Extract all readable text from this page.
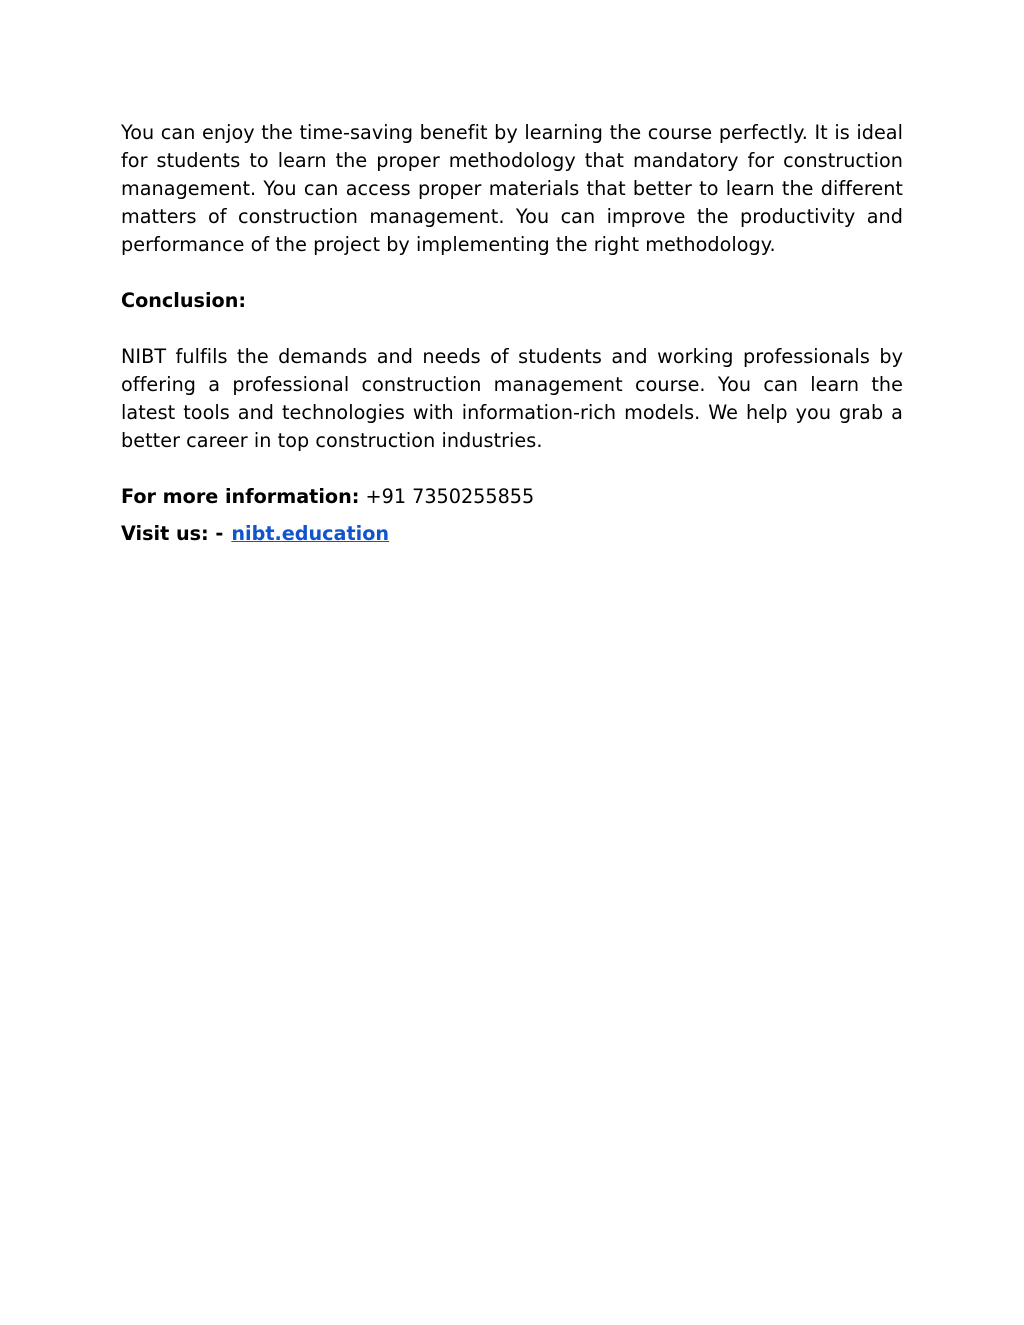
You can enjoy the time-saving benefit by learning the course perfectly. It is ideal for students to learn the proper methodology that mandatory for construction management. You can access proper materials that better to learn the different matters of construction management. You can improve the productivity and performance of the project by implementing the right methodology.

Conclusion:

NIBT fulfils the demands and needs of students and working professionals by offering a professional construction management course. You can learn the latest tools and technologies with information-rich models. We help you grab a better career in top construction industries.

For more information: +91 7350255855

Visit us: - nibt.education
